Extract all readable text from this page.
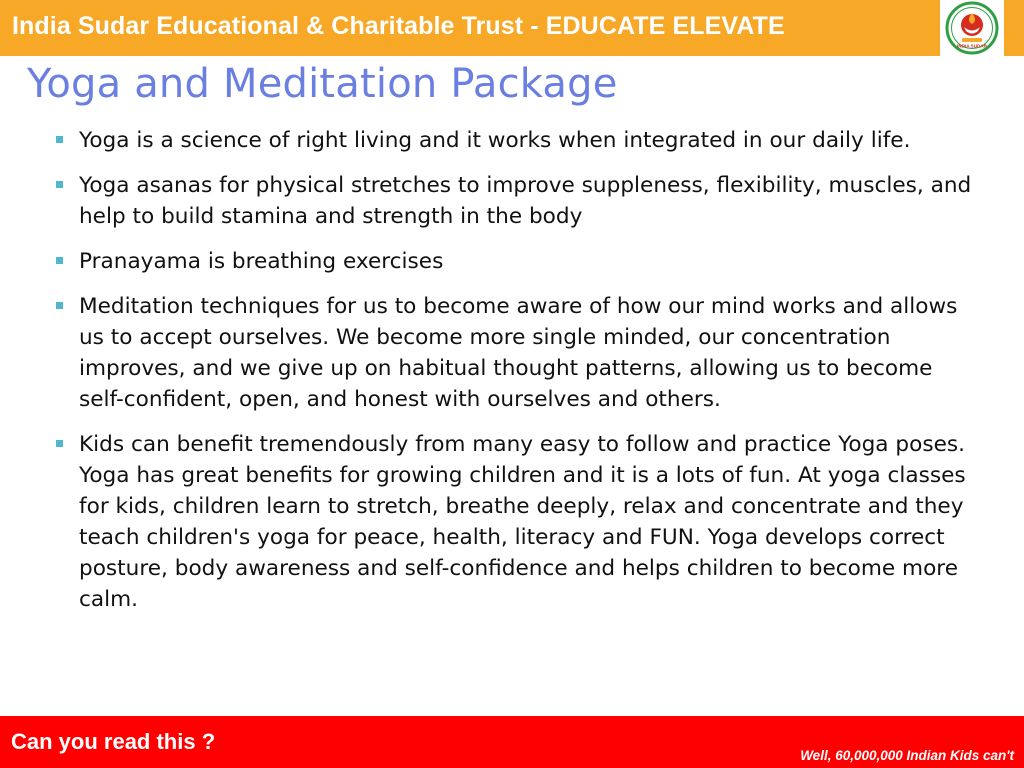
India Sudar Educational & Charitable Trust - EDUCATE ELEVATE
INDIA SUDAR
Yoga and Meditation Package
Yoga is a science of right living and it works when integrated in our daily life.
Yoga asanas for physical stretches to improve suppleness, flexibility, muscles, and help to build stamina and strength in the body
Pranayama is breathing exercises
Meditation techniques for us to become aware of how our mind works and allows us to accept ourselves. We become more single minded, our concentration improves, and we give up on habitual thought patterns, allowing us to become self-confident, open, and honest with ourselves and others.
Kids can benefit tremendously from many easy to follow and practice Yoga poses. Yoga has great benefits for growing children and it is a lots of fun. At yoga classes for kids, children learn to stretch, breathe deeply, relax and concentrate and they teach children's yoga for peace, health, literacy and FUN. Yoga develops correct posture, body awareness and self-confidence and helps children to become more calm.
Can you read this ?
Well, 60,000,000 Indian Kids can't
